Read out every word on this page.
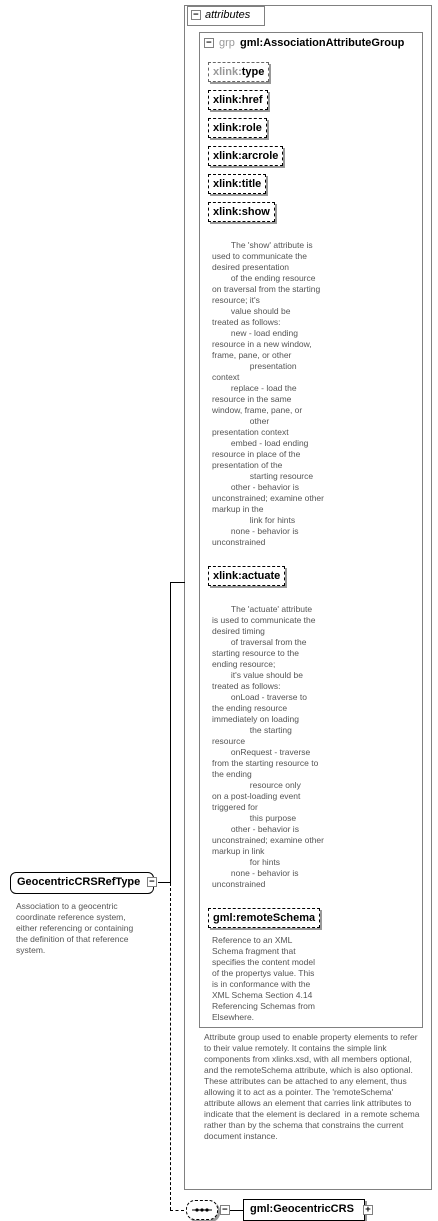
− attributes
− grp gml:AssociationAttributeGroup
xlink:type
xlink:href
xlink:role
xlink:arcrole
xlink:title
xlink:show
The 'show' attribute is
used to communicate the
desired presentation
of the ending resource
on traversal from the starting
resource; it's
value should be
treated as follows:
new - load ending
resource in a new window,
frame, pane, or other
presentation
context
replace - load the
resource in the same
window, frame, pane, or
other
presentation context
embed - load ending
resource in place of the
presentation of the
starting resource
other - behavior is
unconstrained; examine other
markup in the
link for hints
none - behavior is
unconstrained
xlink:actuate
The 'actuate' attribute
is used to communicate the
desired timing
of traversal from the
starting resource to the
ending resource;
it's value should be
treated as follows:
onLoad - traverse to
the ending resource
immediately on loading
the starting
resource
onRequest - traverse
from the starting resource to
the ending
resource only
on a post-loading event
triggered for
this purpose
other - behavior is
unconstrained; examine other
markup in link
for hints
none - behavior is
unconstrained
gml:remoteSchema
Reference to an XML
Schema fragment that
specifies the content model
of the propertys value. This
is in conformance with the
XML Schema Section 4.14
Referencing Schemas from
Elsewhere.
Attribute group used to enable property elements to refer to their value remotely. It contains the simple link components from xlinks.xsd, with all members optional, and the remoteSchema attribute, which is also optional.  These attributes can be attached to any element, thus allowing it to act as a pointer. The 'remoteSchema' attribute allows an element that carries link attributes to indicate that the element is declared  in a remote schema rather than by the schema that constrains the current document instance.
GeocentricCRSRefType −
Association to a geocentric
coordinate reference system,
either referencing or containing
the definition of that reference
system.
− gml:GeocentricCRS +
